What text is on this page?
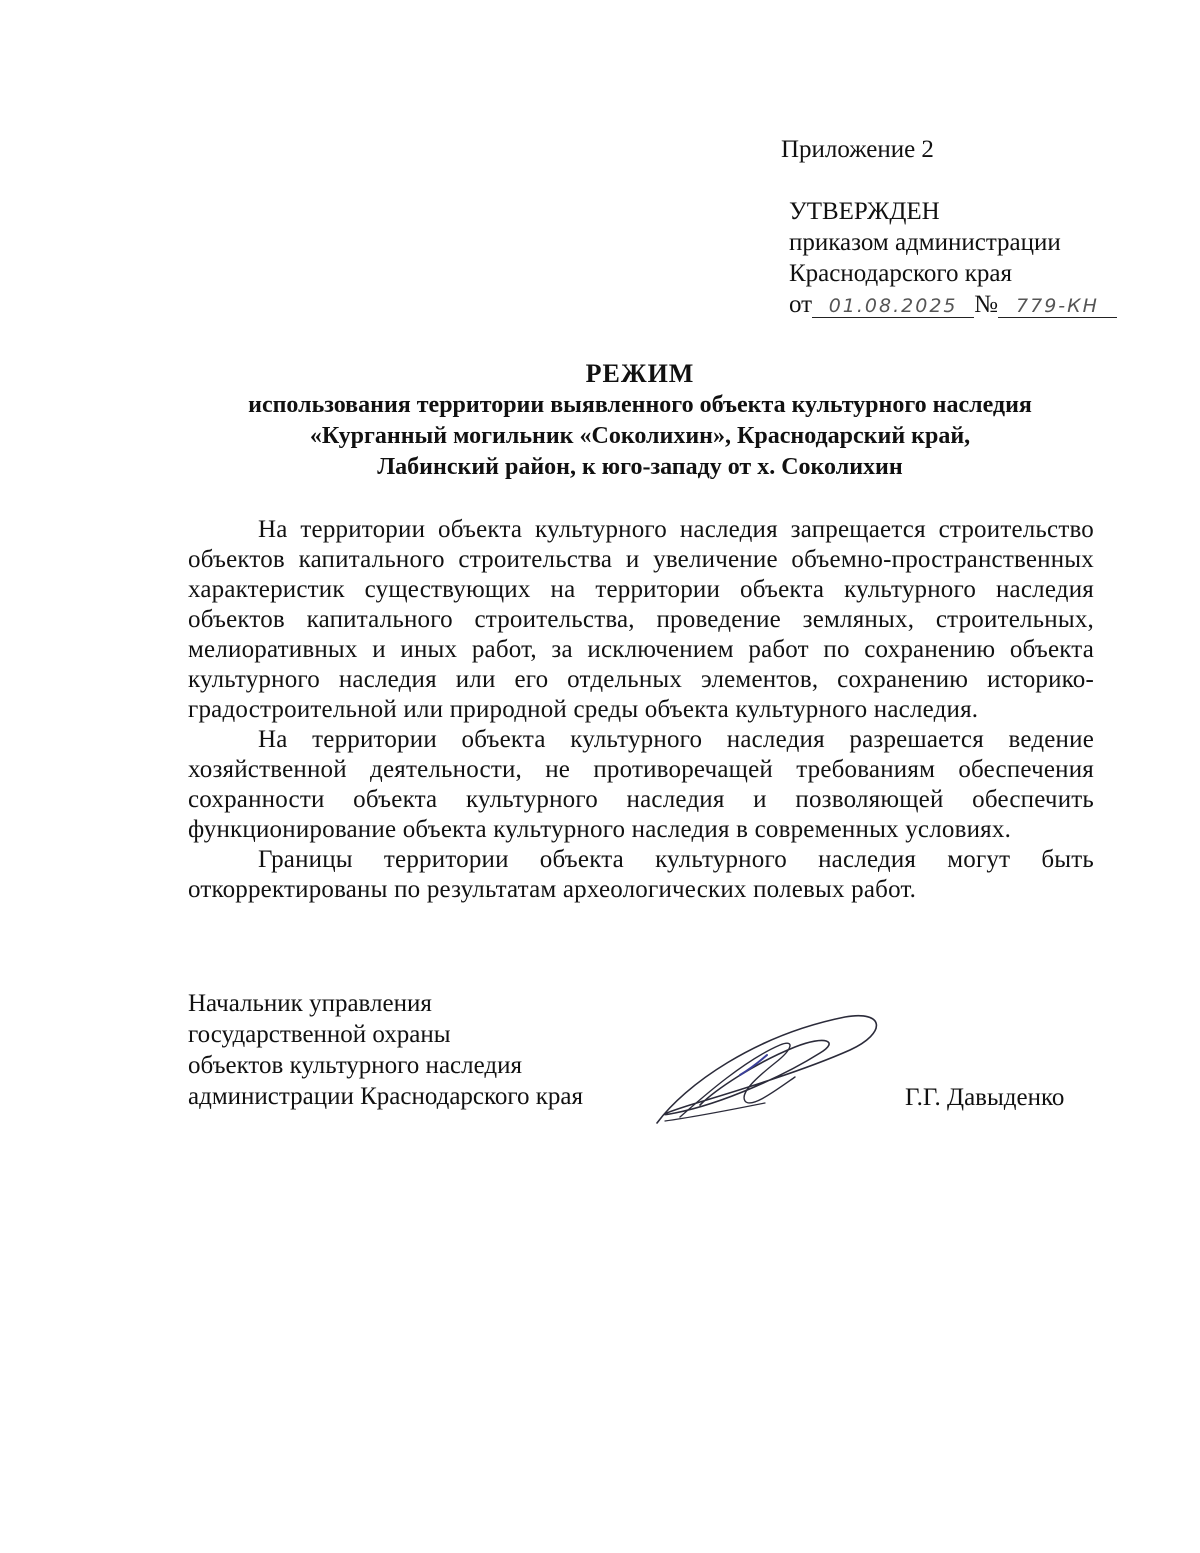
Приложение 2
УТВЕРЖДЕН
приказом администрации
Краснодарского края
от 01.08.2025 № 779-КН
РЕЖИМ
использования территории выявленного объекта культурного наследия
«Курганный могильник «Соколихин», Краснодарский край,
Лабинский район, к юго-западу от х. Соколихин

На территории объекта культурного наследия запрещается строительство объектов капитального строительства и увеличение объемно-пространственных характеристик существующих на территории объекта культурного наследия объектов капитального строительства, проведение земляных, строительных, мелиоративных и иных работ, за исключением работ по сохранению объекта культурного наследия или его отдельных элементов, сохранению историко-градостроительной или природной среды объекта культурного наследия.

На территории объекта культурного наследия разрешается ведение хозяйственной деятельности, не противоречащей требованиям обеспечения сохранности объекта культурного наследия и позволяющей обеспечить функционирование объекта культурного наследия в современных условиях.

Границы территории объекта культурного наследия могут быть откорректированы по результатам археологических полевых работ.

Начальник управления
государственной охраны
объектов культурного наследия
администрации Краснодарского края	Г.Г. Давыденко
